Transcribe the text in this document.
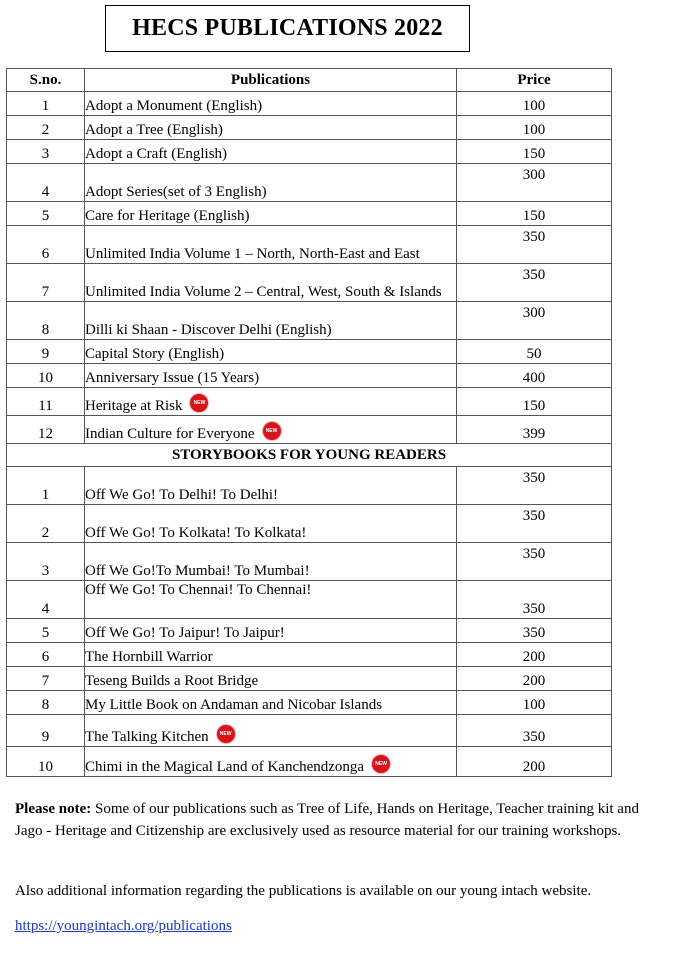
HECS PUBLICATIONS 2022
S.no.	Publications	Price
1	Adopt a Monument (English)	100
2	Adopt a Tree (English)	100
3	Adopt a Craft (English)	150
4	Adopt Series(set of 3 English)	300
5	Care for Heritage (English)	150
6	Unlimited India Volume 1 – North, North-East and East	350
7	Unlimited India Volume 2 – Central, West, South & Islands	350
8	Dilli ki Shaan - Discover Delhi (English)	300
9	Capital Story (English)	50
10	Anniversary Issue (15 Years)	400
11	Heritage at Risk NEW	150
12	Indian Culture for Everyone NEW	399
STORYBOOKS FOR YOUNG READERS		
1	Off We Go! To Delhi! To Delhi!	350
2	Off We Go! To Kolkata! To Kolkata!	350
3	Off We Go!To Mumbai! To Mumbai!	350
4	Off We Go! To Chennai! To Chennai!	350
5	Off We Go! To Jaipur! To Jaipur!	350
6	The Hornbill Warrior	200
7	Teseng Builds a Root Bridge	200
8	My Little Book on Andaman and Nicobar Islands	100
9	The Talking Kitchen NEW	350
10	Chimi in the Magical Land of Kanchendzonga NEW	200
Please note: Some of our publications such as Tree of Life, Hands on Heritage, Teacher training kit and Jago - Heritage and Citizenship are exclusively used as resource material for our training workshops.
Also additional information regarding the publications is available on our young intach website.
https://youngintach.org/publications
